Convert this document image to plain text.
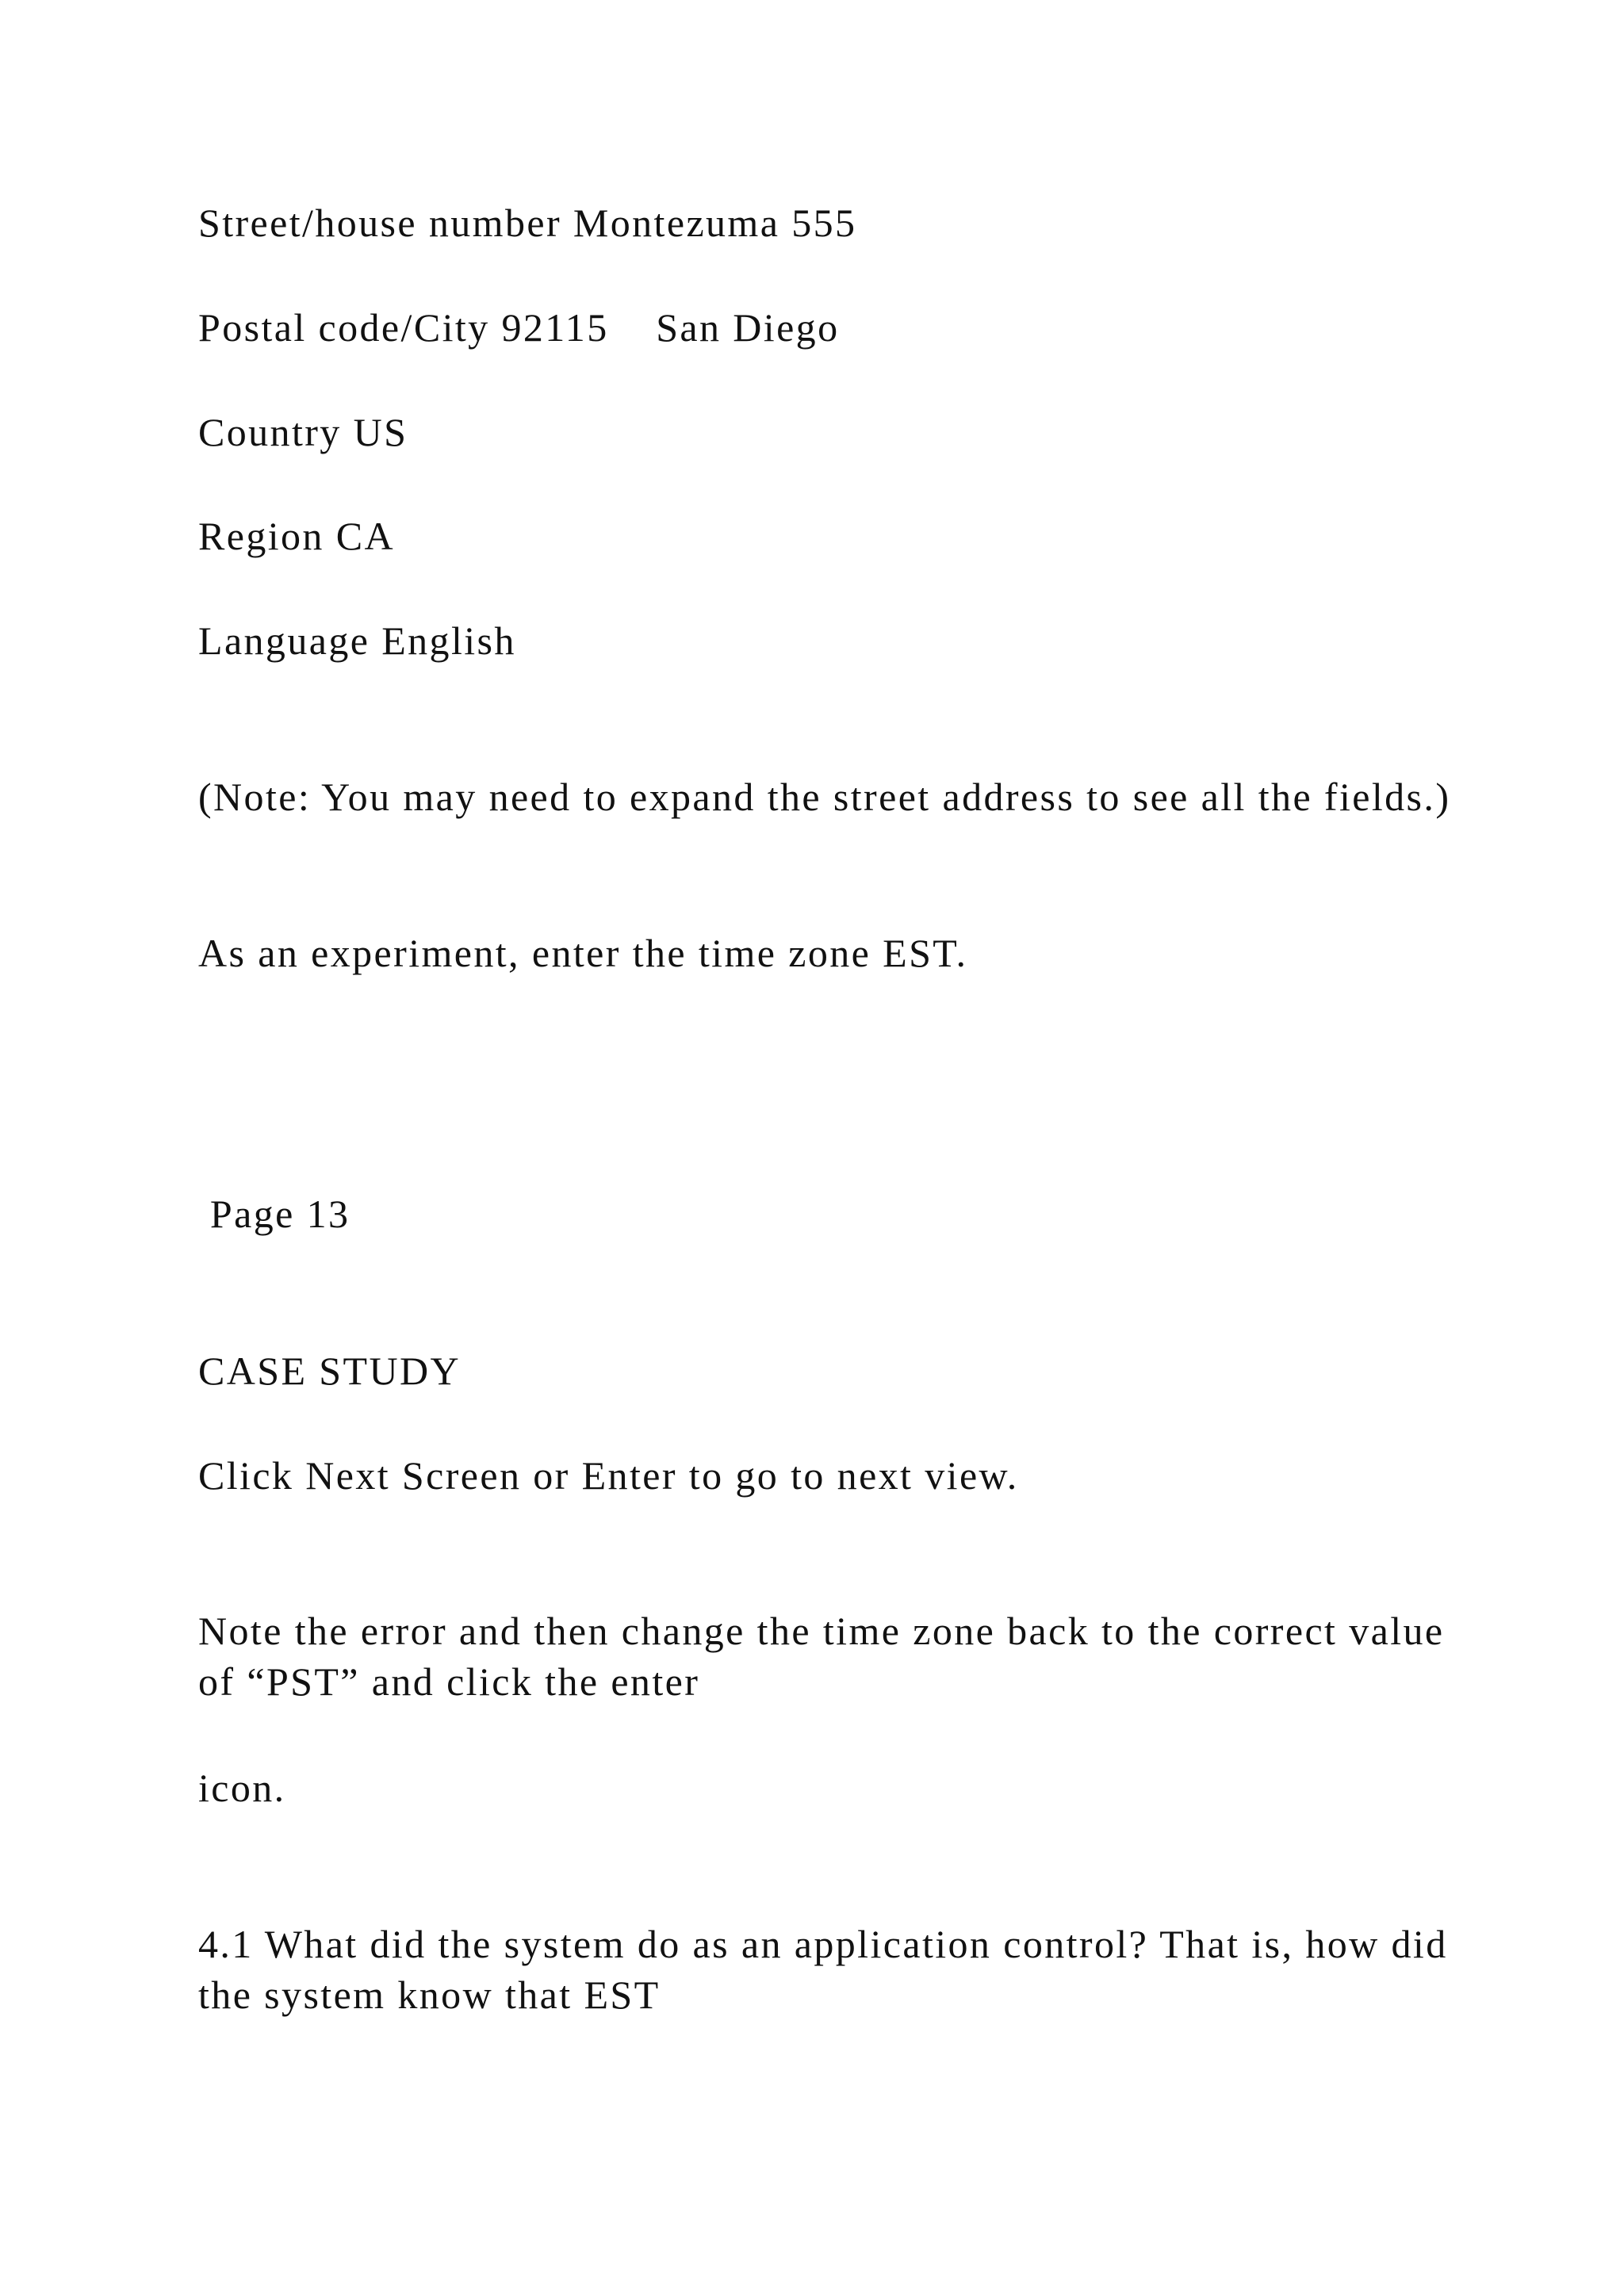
Street/house number Montezuma 555
Postal code/City 92115    San Diego
Country US
Region CA
Language English
(Note: You may need to expand the street address to see all the fields.)
As an experiment, enter the time zone EST.
Page 13
CASE STUDY
Click Next Screen or Enter to go to next view.
Note the error and then change the time zone back to the correct value of “PST” and click the enter
icon.
4.1 What did the system do as an application control? That is, how did the system know that EST
